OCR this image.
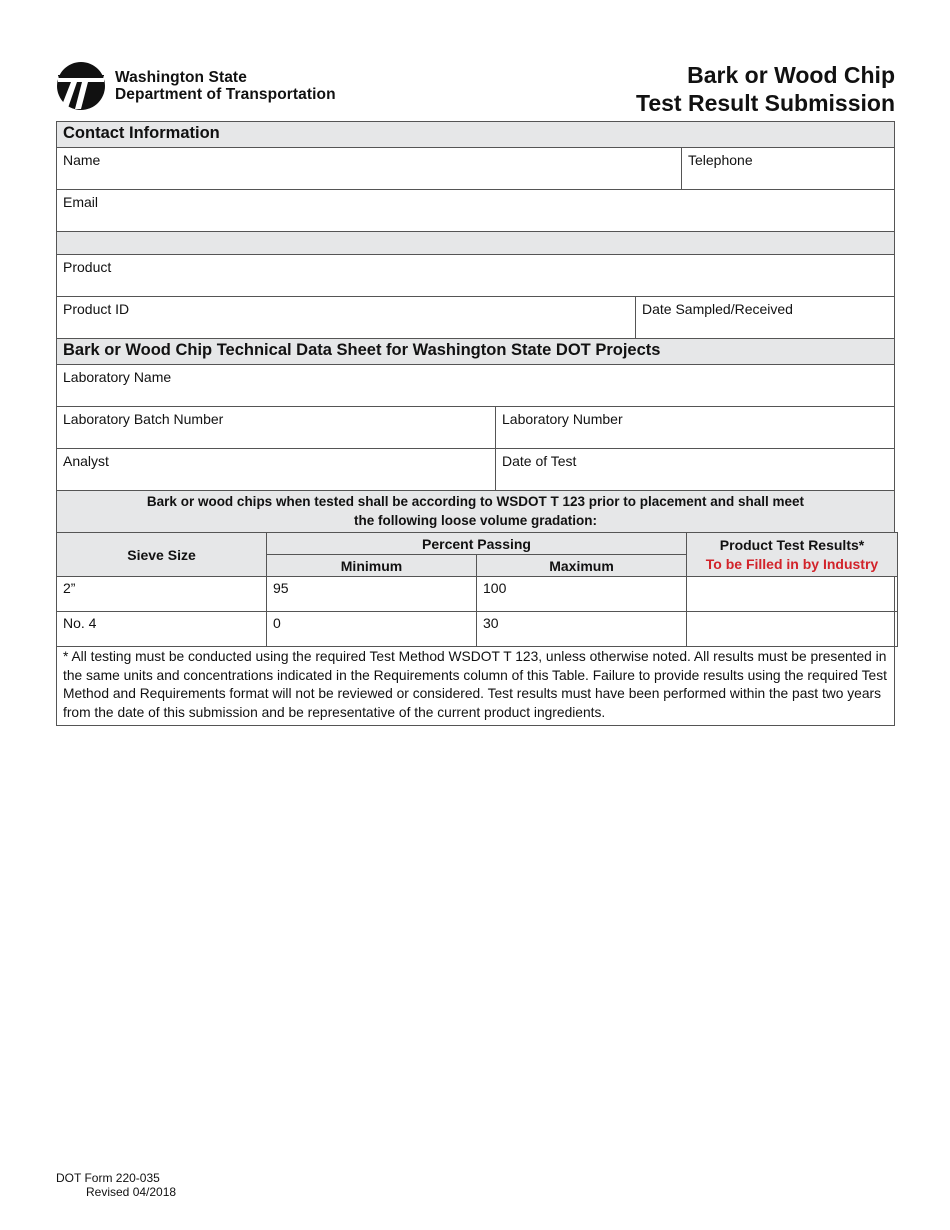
Washington State
Department of Transportation
Bark or Wood Chip
Test Result Submission
Contact Information
Name	Telephone
Email
Product
Product ID	Date Sampled/Received
Bark or Wood Chip Technical Data Sheet for Washington State DOT Projects
Laboratory Name
Laboratory Batch Number	Laboratory Number
Analyst	Date of Test
Bark or wood chips when tested shall be according to WSDOT T 123 prior to placement and shall meet
the following loose volume gradation:
Sieve Size	Percent Passing		Product Test Results*
To be Filled in by Industry

	Minimum	Maximum	
2”	95	100	
No. 4	0	30	
* All testing must be conducted using the required Test Method WSDOT T 123, unless otherwise noted. All results must be presented in the same units and concentrations indicated in the Requirements column of this Table. Failure to provide results using the required Test Method and Requirements format will not be reviewed or considered. Test results must have been performed within the past two years from the date of this submission and be representative of the current product ingredients.
DOT Form 220-035
Revised 04/2018
